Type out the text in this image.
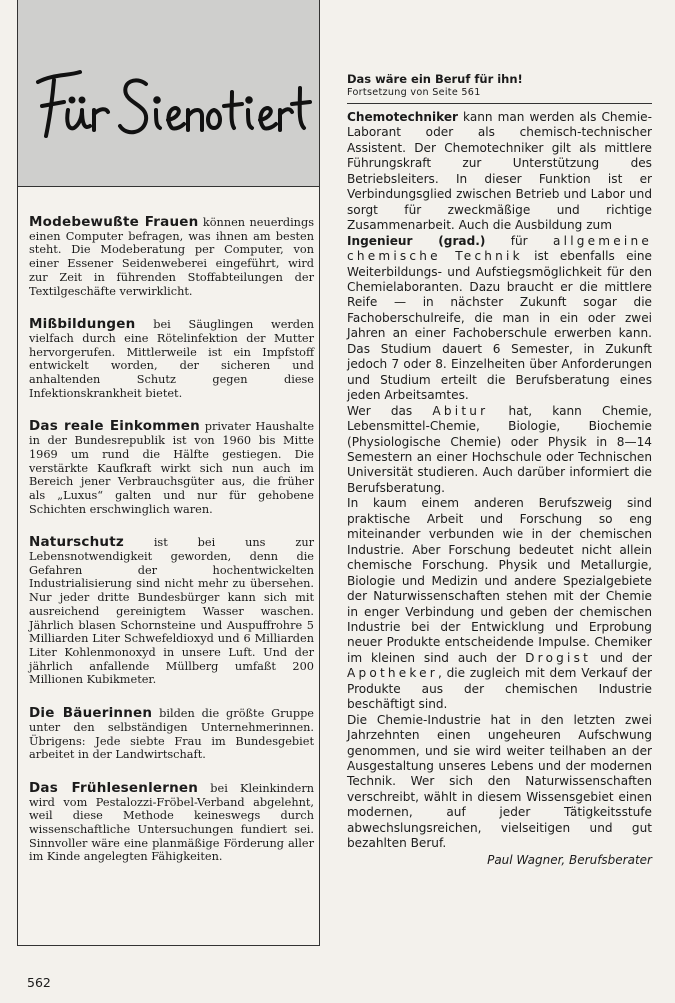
Modebewußte Frauen können neuerdings einen Computer befragen, was ihnen am besten steht. Die Modeberatung per Computer, von einer Essener Seidenweberei eingeführt, wird zur Zeit in führenden Stoffabteilungen der Textilgeschäfte verwirklicht.

Mißbildungen bei Säuglingen werden vielfach durch eine Rötelinfektion der Mutter hervorgerufen. Mittlerweile ist ein Impfstoff entwickelt worden, der sicheren und anhaltenden Schutz gegen diese Infektionskrankheit bietet.

Das reale Einkommen privater Haushalte in der Bundesrepublik ist von 1960 bis Mitte 1969 um rund die Hälfte gestiegen. Die verstärkte Kaufkraft wirkt sich nun auch im Bereich jener Verbrauchsgüter aus, die früher als „Luxus“ galten und nur für gehobene Schichten erschwinglich waren.

Naturschutz ist bei uns zur Lebensnotwendigkeit geworden, denn die Gefahren der hochentwickelten Industrialisierung sind nicht mehr zu übersehen. Nur jeder dritte Bundesbürger kann sich mit ausreichend gereinigtem Wasser waschen. Jährlich blasen Schornsteine und Auspuffrohre 5 Milliarden Liter Schwefeldioxyd und 6 Milliarden Liter Kohlenmonoxyd in unsere Luft. Und der jährlich anfallende Müllberg umfaßt 200 Millionen Kubikmeter.

Die Bäuerinnen bilden die größte Gruppe unter den selbständigen Unternehmerinnen. Übrigens: Jede siebte Frau im Bundesgebiet arbeitet in der Landwirtschaft.

Das Frühlesenlernen bei Kleinkindern wird vom Pestalozzi-Fröbel-Verband abgelehnt, weil diese Methode keineswegs durch wissenschaftliche Untersuchungen fundiert sei. Sinnvoller wäre eine planmäßige Förderung aller im Kinde angelegten Fähigkeiten.

Das wäre ein Beruf für ihn!
Fortsetzung von Seite 561

Chemotechniker kann man werden als Chemie-Laborant oder als chemisch-technischer Assistent. Der Chemotechniker gilt als mittlere Führungskraft zur Unterstützung des Betriebsleiters. In dieser Funktion ist er Verbindungsglied zwischen Betrieb und Labor und sorgt für zweckmäßige und richtige Zusammenarbeit. Auch die Ausbildung zum

Ingenieur (grad.) für allgemeine chemische Technik ist ebenfalls eine Weiterbildungs- und Aufstiegsmöglichkeit für den Chemielaboranten. Dazu braucht er die mittlere Reife — in nächster Zukunft sogar die Fachoberschulreife, die man in ein oder zwei Jahren an einer Fachoberschule erwerben kann. Das Studium dauert 6 Semester, in Zukunft jedoch 7 oder 8. Einzelheiten über Anforderungen und Studium erteilt die Berufsberatung eines jeden Arbeitsamtes.

Wer das Abitur hat, kann Chemie, Lebensmittel-Chemie, Biologie, Biochemie (Physiologische Chemie) oder Physik in 8—14 Semestern an einer Hochschule oder Technischen Universität studieren. Auch darüber informiert die Berufsberatung.

In kaum einem anderen Berufszweig sind praktische Arbeit und Forschung so eng miteinander verbunden wie in der chemischen Industrie. Aber Forschung bedeutet nicht allein chemische Forschung. Physik und Metallurgie, Biologie und Medizin und andere Spezialgebiete der Naturwissenschaften stehen mit der Chemie in enger Verbindung und geben der chemischen Industrie bei der Entwicklung und Erprobung neuer Produkte entscheidende Impulse. Chemiker im kleinen sind auch der Drogist und der Apotheker, die zugleich mit dem Verkauf der Produkte aus der chemischen Industrie beschäftigt sind.

Die Chemie-Industrie hat in den letzten zwei Jahrzehnten einen ungeheuren Aufschwung genommen, und sie wird weiter teilhaben an der Ausgestaltung unseres Lebens und der modernen Technik. Wer sich den Naturwissenschaften verschreibt, wählt in diesem Wissensgebiet einen modernen, auf jeder Tätigkeitsstufe abwechslungsreichen, vielseitigen und gut bezahlten Beruf.

Paul Wagner, Berufsberater
562
